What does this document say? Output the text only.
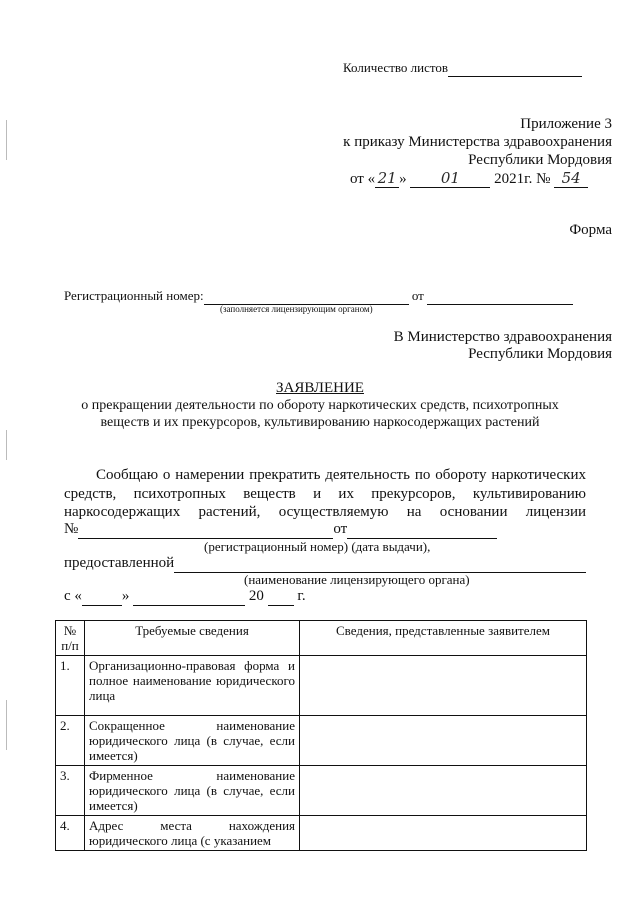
Количество листов
Приложение 3
к приказу Министерства здравоохранения
Республики Мордовия
от « 21 » 01 2021г. № 54
Форма
Регистрационный номер:	от
(заполняется лицензирующим органом)
В Министерство здравоохранения
Республики Мордовия
ЗАЯВЛЕНИЕ
о прекращении деятельности по обороту наркотических средств, психотропных
веществ и их прекурсоров, культивированию наркосодержащих растений
Сообщаю о намерении прекратить деятельность по обороту наркотических
средств, психотропных веществ и их прекурсоров, культивированию
наркосодержащих растений, осуществляемую на основании лицензии
№	от
(регистрационный номер) (дата выдачи),
предоставленной
(наименование лицензирующего органа)
с «	»	20 г.
№ п/п	Требуемые сведения	Сведения, представленные заявителем
1.	Организационно-правовая форма и полное наименование юридического лица	
2.	Сокращенное наименование юридического лица (в случае, если имеется)	
3.	Фирменное наименование юридического лица (в случае, если имеется)	
4.	Адрес места нахождения юридического лица (с указанием	
